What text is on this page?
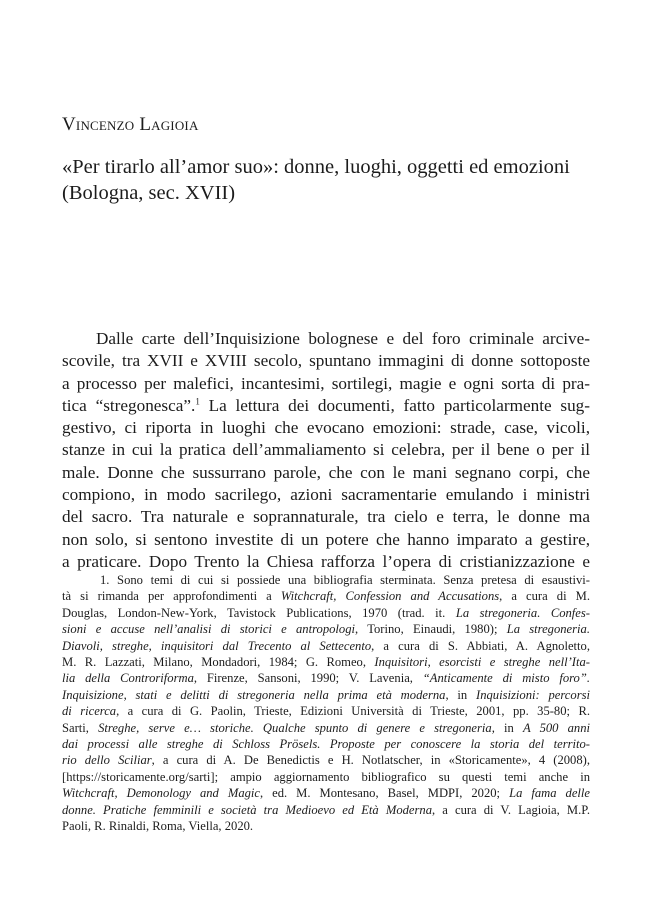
Vincenzo Lagioia
«Per tirarlo all’amor suo»: donne, luoghi, oggetti ed emozioni
(Bologna, sec. XVII)
Dalle carte dell’Inquisizione bolognese e del foro criminale arcive-
scovile, tra XVII e XVIII secolo, spuntano immagini di donne sottoposte
a processo per malefici, incantesimi, sortilegi, magie e ogni sorta di pra-
tica “stregonesca”.$^1$ La lettura dei documenti, fatto particolarmente sug-
gestivo, ci riporta in luoghi che evocano emozioni: strade, case, vicoli,
stanze in cui la pratica dell’ammaliamento si celebra, per il bene o per il
male. Donne che sussurrano parole, che con le mani segnano corpi, che
compiono, in modo sacrilego, azioni sacramentarie emulando i ministri
del sacro. Tra naturale e soprannaturale, tra cielo e terra, le donne ma
non solo, si sentono investite di un potere che hanno imparato a gestire,
a praticare. Dopo Trento la Chiesa rafforza l’opera di cristianizzazione e
1. Sono temi di cui si possiede una bibliografia sterminata. Senza pretesa di esaustivi-
tà si rimanda per approfondimenti a Witchcraft, Confession and Accusations, a cura di M.
Douglas, London-New-York, Tavistock Publications, 1970 (trad. it. La stregoneria. Confes-
sioni e accuse nell’analisi di storici e antropologi, Torino, Einaudi, 1980); La stregoneria.
Diavoli, streghe, inquisitori dal Trecento al Settecento, a cura di S. Abbiati, A. Agnoletto,
M. R. Lazzati, Milano, Mondadori, 1984; G. Romeo, Inquisitori, esorcisti e streghe nell’Ita-
lia della Controriforma, Firenze, Sansoni, 1990; V. Lavenia, “Anticamente di misto foro”.
Inquisizione, stati e delitti di stregoneria nella prima età moderna, in Inquisizioni: percorsi
di ricerca, a cura di G. Paolin, Trieste, Edizioni Università di Trieste, 2001, pp. 35-80; R.
Sarti, Streghe, serve e… storiche. Qualche spunto di genere e stregoneria, in A 500 anni
dai processi alle streghe di Schloss Prösels. Proposte per conoscere la storia del territo-
rio dello Sciliar, a cura di A. De Benedictis e H. Notlatscher, in «Storicamente», 4 (2008),
[https://storicamente.org/sarti]; ampio aggiornamento bibliografico su questi temi anche in
Witchcraft, Demonology and Magic, ed. M. Montesano, Basel, MDPI, 2020; La fama delle
donne. Pratiche femminili e società tra Medioevo ed Età Moderna, a cura di V. Lagioia, M.P.
Paoli, R. Rinaldi, Roma, Viella, 2020.
